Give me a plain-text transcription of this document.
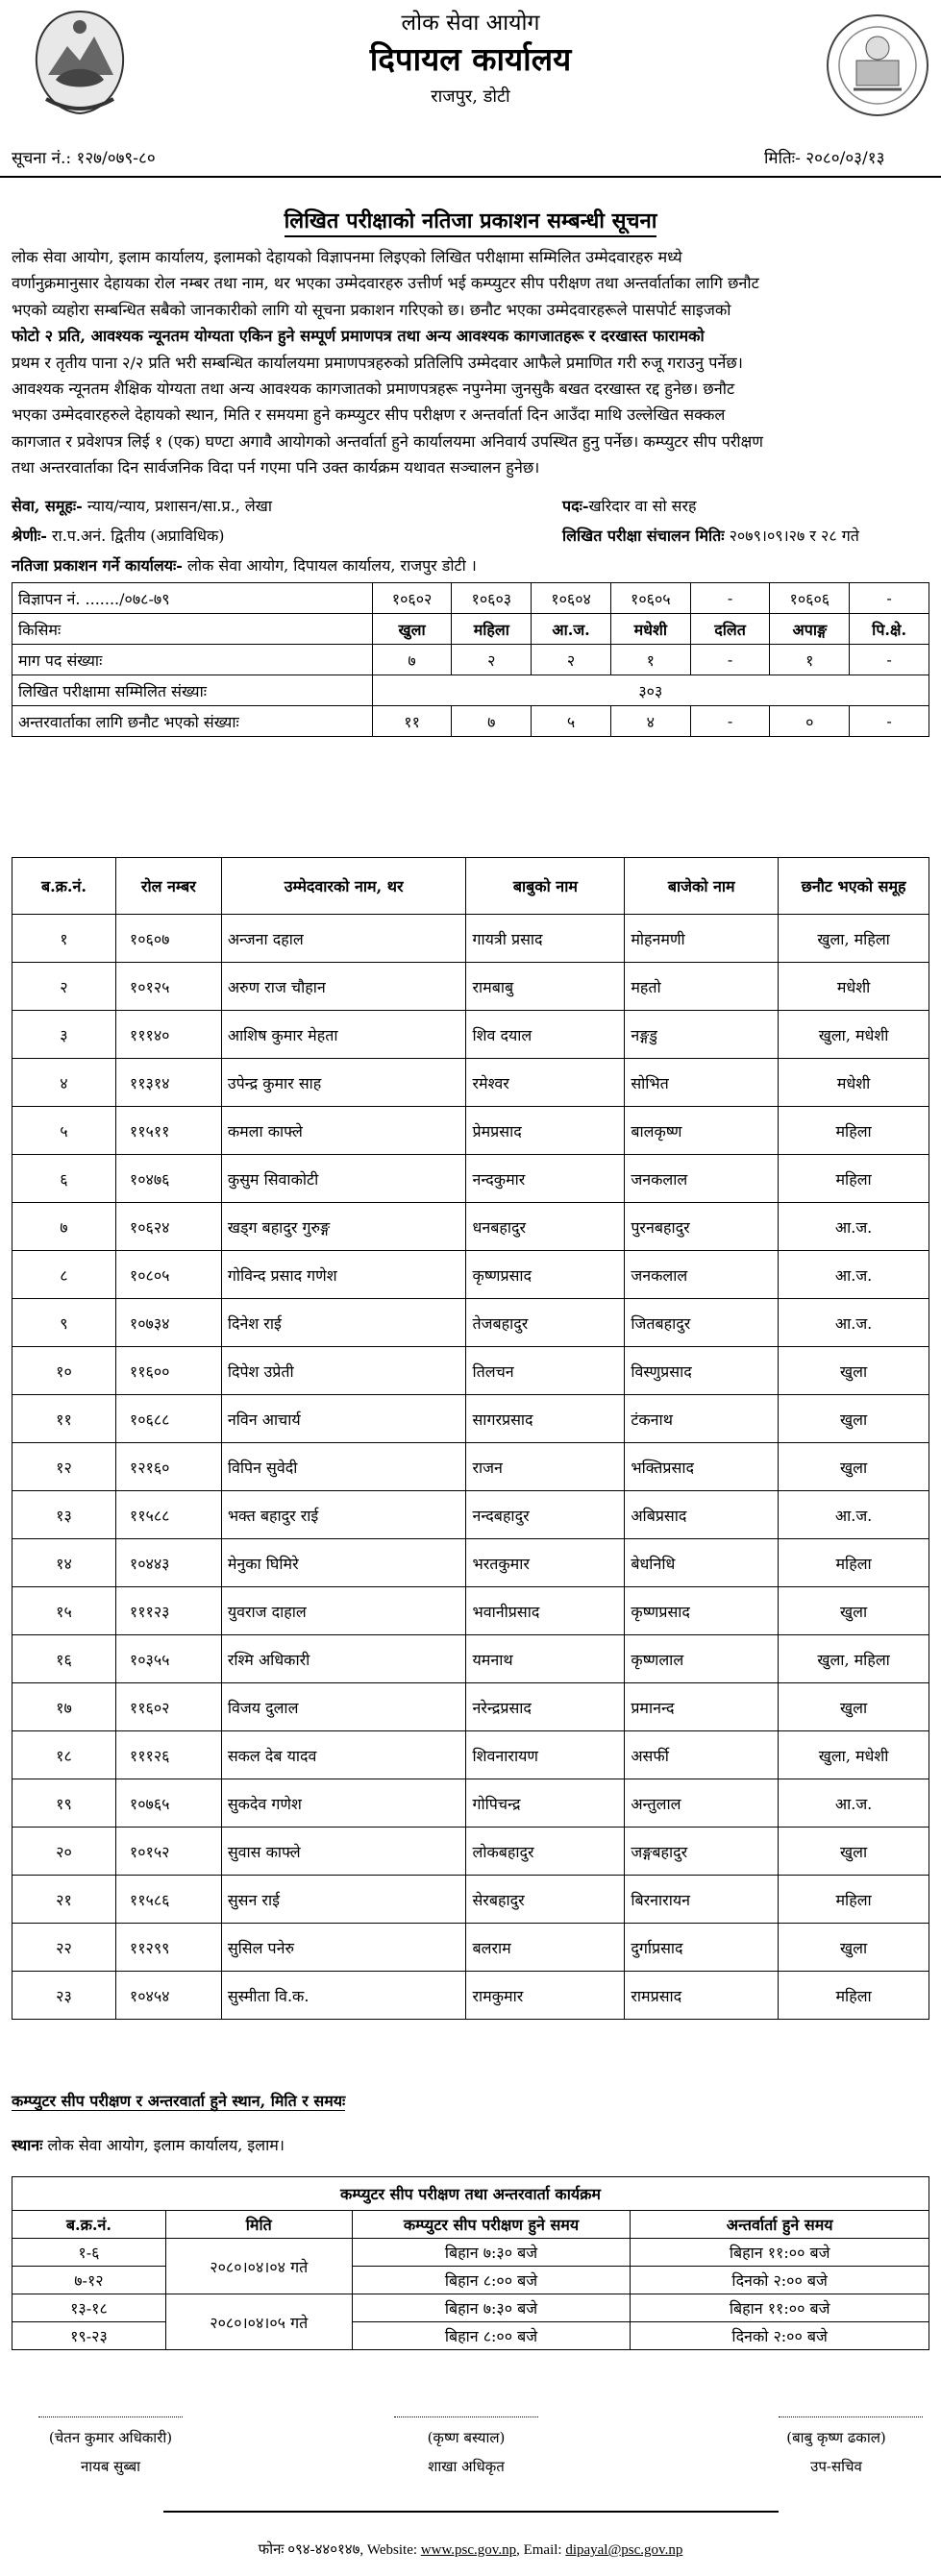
लोक सेवा आयोग
दिपायल कार्यालय
राजपुर, डोटी
सूचना नं.: १२७/०७९-८०	मितिः- २०८०/०३/१३
लिखित परीक्षाको नतिजा प्रकाशन सम्बन्धी सूचना
लोक सेवा आयोग, इलाम कार्यालय, इलामको देहायको विज्ञापनमा लिइएको लिखित परीक्षामा सम्मिलित उम्मेदवारहरु मध्ये
वर्णानुक्रमानुसार देहायका रोल नम्बर तथा नाम, थर भएका उम्मेदवारहरु उत्तीर्ण भई कम्प्युटर सीप परीक्षण तथा अन्तर्वार्ताका लागि छनौट
भएको व्यहोरा सम्बन्धित सबैको जानकारीको लागि यो सूचना प्रकाशन गरिएको छ। छनौट भएका उम्मेदवारहरूले पासपोर्ट साइजको
फोटो २ प्रति, आवश्यक न्यूनतम योग्यता एकिन हुने सम्पूर्ण प्रमाणपत्र तथा अन्य आवश्यक कागजातहरू र दरखास्त फारामको
प्रथम र तृतीय पाना २/२ प्रति भरी सम्बन्धित कार्यालयमा प्रमाणपत्रहरुको प्रतिलिपि उम्मेदवार आफैले प्रमाणित गरी रुजू गराउनु पर्नेछ।
आवश्यक न्यूनतम शैक्षिक योग्यता तथा अन्य आवश्यक कागजातको प्रमाणपत्रहरू नपुग्नेमा जुनसुकै बखत दरखास्त रद्द हुनेछ। छनौट
भएका उम्मेदवारहरुले देहायको स्थान, मिति र समयमा हुने कम्प्युटर सीप परीक्षण र अन्तर्वार्ता दिन आउँदा माथि उल्लेखित सक्कल
कागजात र प्रवेशपत्र लिई १ (एक) घण्टा अगावै आयोगको अन्तर्वार्ता हुने कार्यालयमा अनिवार्य उपस्थित हुनु पर्नेछ। कम्प्युटर सीप परीक्षण
तथा अन्तरवार्ताका दिन सार्वजनिक विदा पर्न गएमा पनि उक्त कार्यक्रम यथावत सञ्चालन हुनेछ।
सेवा, समूहः- न्याय/न्याय, प्रशासन/सा.प्र., लेखा	पदः-खरिदार वा सो सरह
श्रेणीः- रा.प.अनं. द्वितीय (अप्राविधिक)	लिखित परीक्षा संचालन मितिः २०७९।०९।२७ र २८ गते
नतिजा प्रकाशन गर्ने कार्यालयः- लोक सेवा आयोग, दिपायल कार्यालय, राजपुर डोटी ।
विज्ञापन नं. ......./०७८-७९	१०६०२	१०६०३	१०६०४	१०६०५	-	१०६०६	-
किसिमः	खुला	महिला	आ.ज.	मधेशी	दलित	अपाङ्ग	पि.क्षे.
माग पद संख्याः	७	२	२	१	-	१	-
लिखित परीक्षामा सम्मिलित संख्याः	३०३						
अन्तरवार्ताका लागि छनौट भएको संख्याः	११	७	५	४	-	०	-
ब.क्र.नं.	रोल नम्बर	उम्मेदवारको नाम, थर	बाबुको नाम	बाजेको नाम	छनौट भएको समूह
१	१०६०७	अन्जना दहाल	गायत्री प्रसाद	मोहनमणी	खुला, महिला
२	१०१२५	अरुण राज चौहान	रामबाबु	महतो	मधेशी
३	१११४०	आशिष कुमार मेहता	शिव दयाल	नङ्गडु	खुला, मधेशी
४	११३१४	उपेन्द्र कुमार साह	रमेश्वर	सोभित	मधेशी
५	११५११	कमला काफ्ले	प्रेमप्रसाद	बालकृष्ण	महिला
६	१०४७६	कुसुम सिवाकोटी	नन्दकुमार	जनकलाल	महिला
७	१०६२४	खड्ग बहादुर गुरुङ्ग	धनबहादुर	पुरनबहादुर	आ.ज.
८	१०८०५	गोविन्द प्रसाद गणेश	कृष्णप्रसाद	जनकलाल	आ.ज.
९	१०७३४	दिनेश राई	तेजबहादुर	जितबहादुर	आ.ज.
१०	११६००	दिपेश उप्रेती	तिलचन	विस्णुप्रसाद	खुला
११	१०६८८	नविन आचार्य	सागरप्रसाद	टंकनाथ	खुला
१२	१२१६०	विपिन सुवेदी	राजन	भक्तिप्रसाद	खुला
१३	११५८८	भक्त बहादुर राई	नन्दबहादुर	अबिप्रसाद	आ.ज.
१४	१०४४३	मेनुका घिमिरे	भरतकुमार	बेधनिधि	महिला
१५	१११२३	युवराज दाहाल	भवानीप्रसाद	कृष्णप्रसाद	खुला
१६	१०३५५	रश्मि अधिकारी	यमनाथ	कृष्णलाल	खुला, महिला
१७	११६०२	विजय दुलाल	नरेन्द्रप्रसाद	प्रमानन्द	खुला
१८	१११२६	सकल देब यादव	शिवनारायण	असर्फी	खुला, मधेशी
१९	१०७६५	सुकदेव गणेश	गोपिचन्द्र	अन्तुलाल	आ.ज.
२०	१०१५२	सुवास काफ्ले	लोकबहादुर	जङ्गबहादुर	खुला
२१	११५८६	सुसन राई	सेरबहादुर	बिरनारायन	महिला
२२	११२९९	सुसिल पनेरु	बलराम	दुर्गाप्रसाद	खुला
२३	१०४५४	सुस्मीता वि.क.	रामकुमार	रामप्रसाद	महिला
कम्प्युटर सीप परीक्षण र अन्तरवार्ता हुने स्थान, मिति र समयः
स्थानः लोक सेवा आयोग, इलाम कार्यालय, इलाम।
कम्प्युटर सीप परीक्षण तथा अन्तरवार्ता कार्यक्रम			
ब.क्र.नं.	मिति	कम्प्युटर सीप परीक्षण हुने समय	अन्तर्वार्ता हुने समय
१-६	२०८०।०४।०४ गते	बिहान ७:३० बजे	बिहान ११:०० बजे
७-१२		बिहान ८:०० बजे	दिनको २:०० बजे
१३-१८	२०८०।०४।०५ गते	बिहान ७:३० बजे	बिहान ११:०० बजे
१९-२३		बिहान ८:०० बजे	दिनको २:०० बजे
(चेतन कुमार अधिकारी)
नायब सुब्बा
(कृष्ण बस्याल)
शाखा अधिकृत
(बाबु कृष्ण ढकाल)
उप-सचिव
फोनः ०९४-४४०१४७, Website: www.psc.gov.np, Email: dipayal@psc.gov.np
